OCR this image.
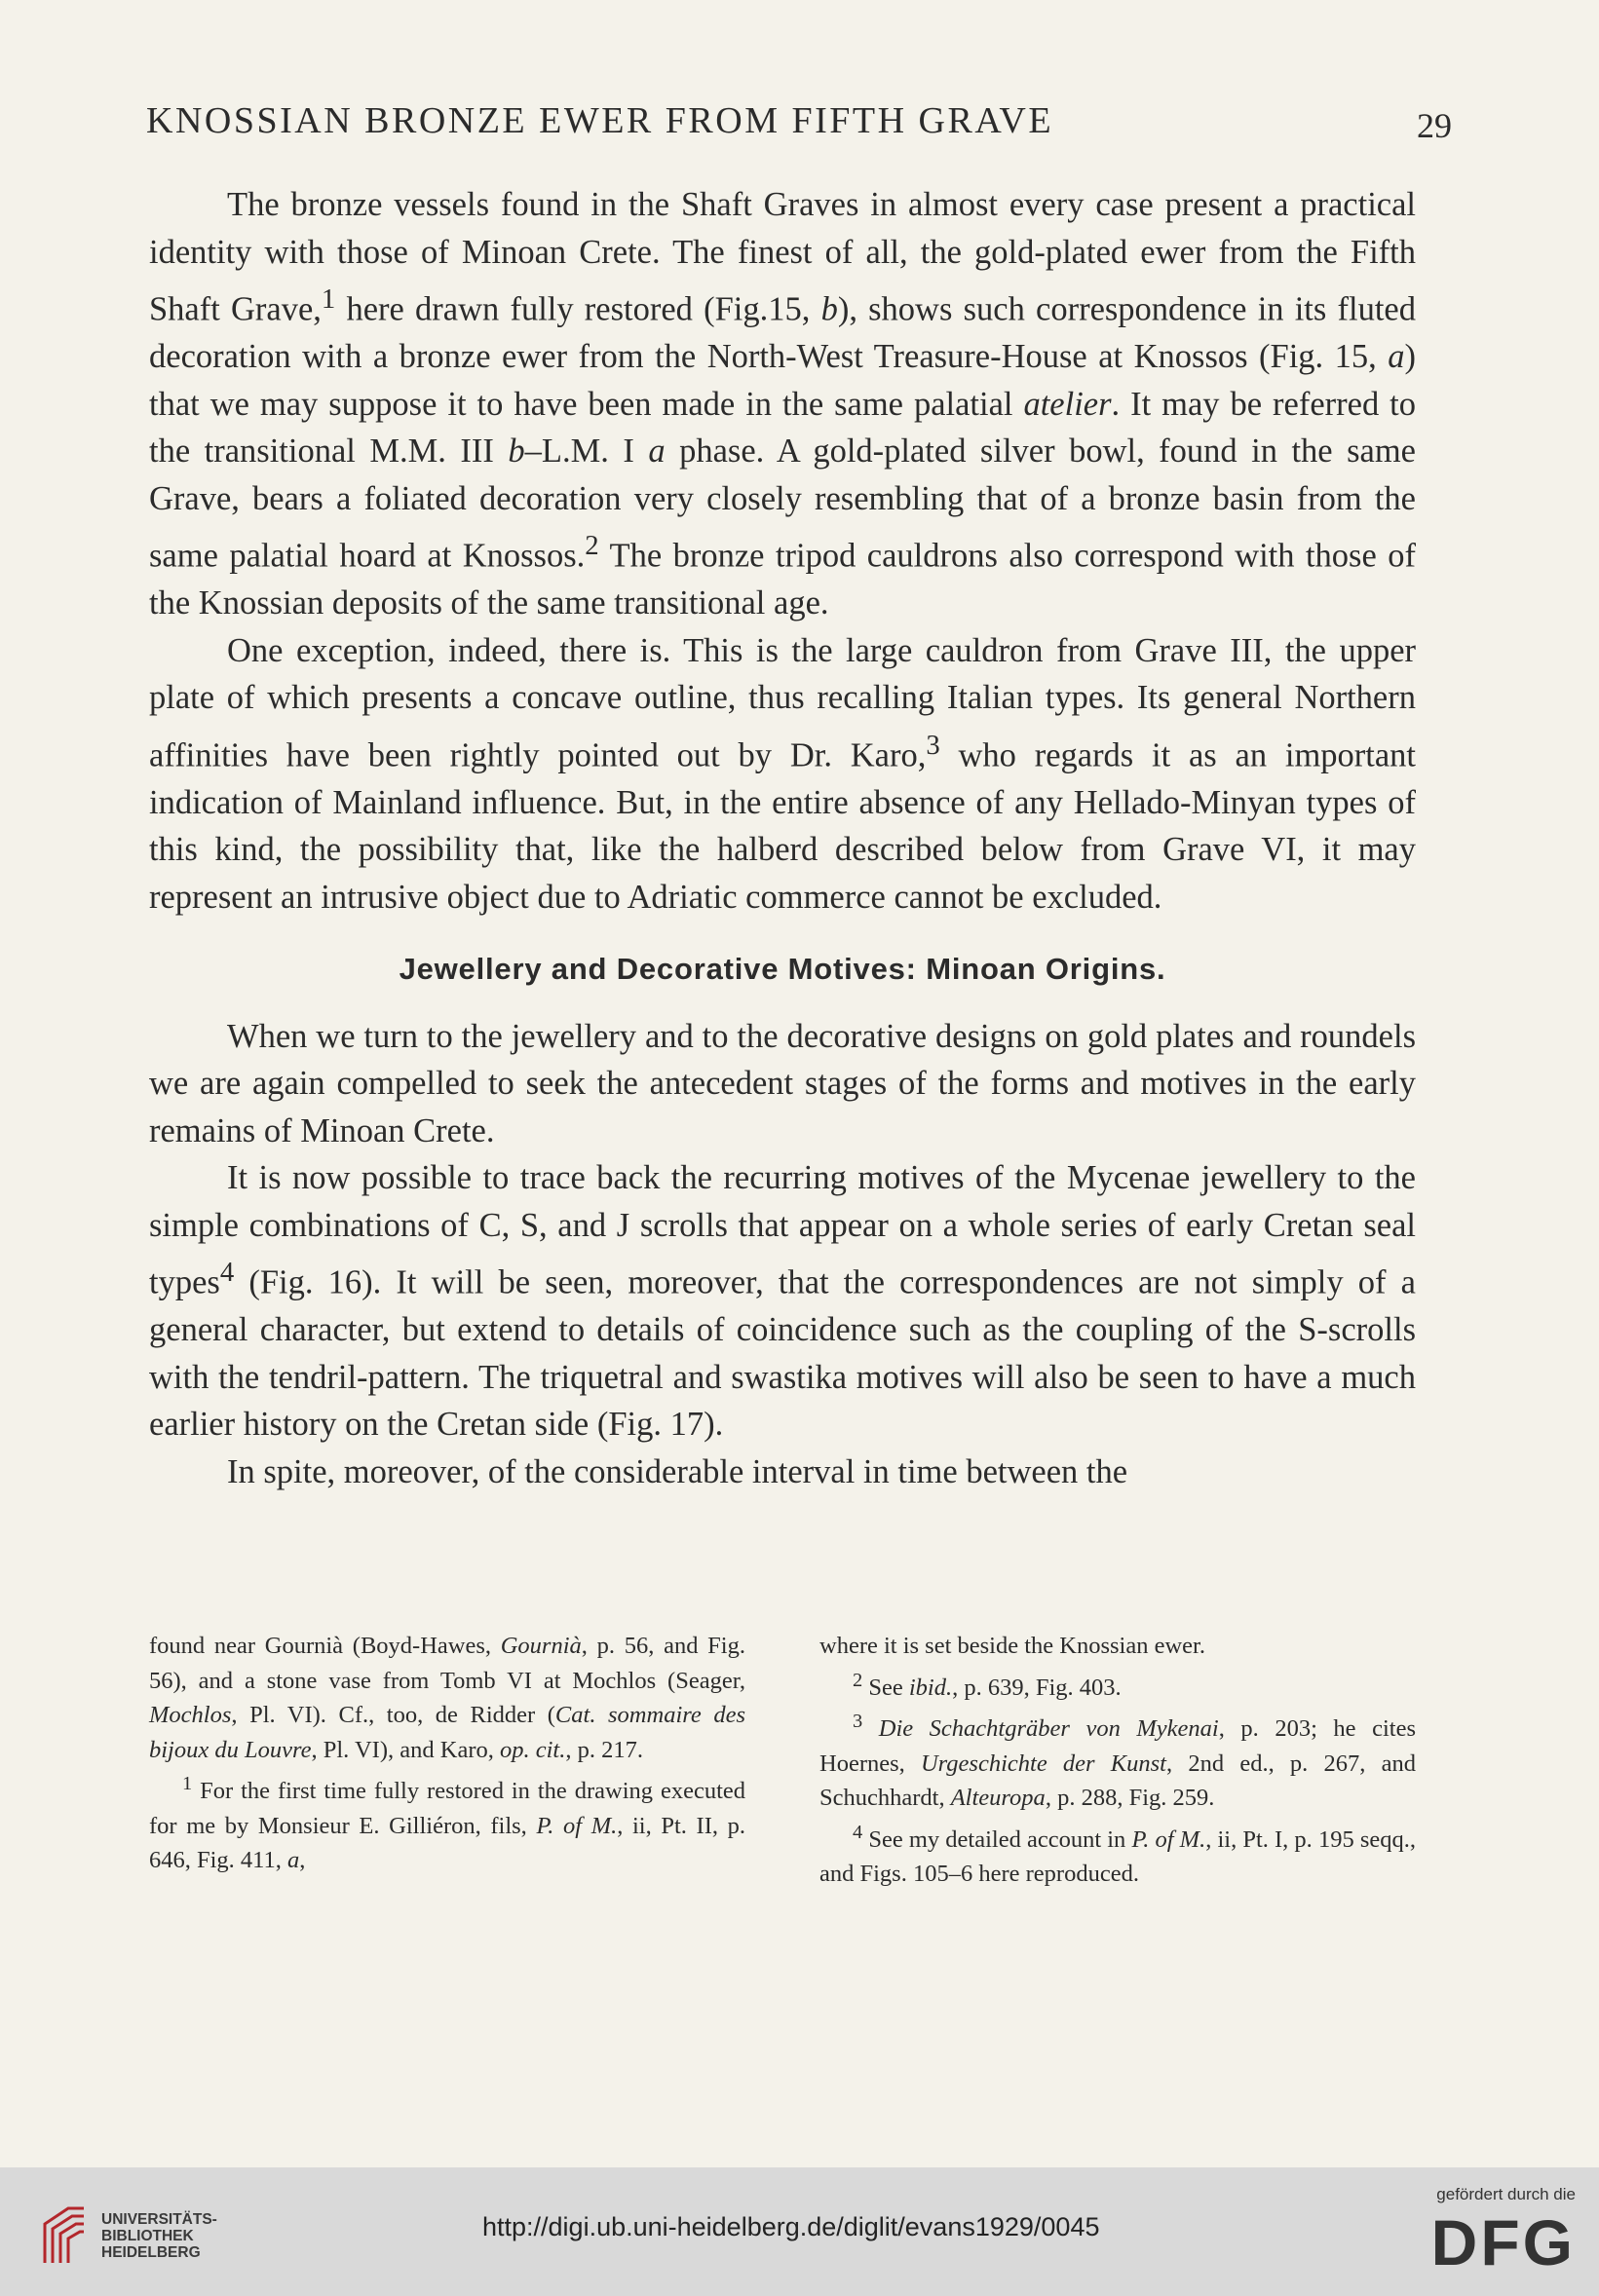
KNOSSIAN BRONZE EWER FROM FIFTH GRAVE	29

The bronze vessels found in the Shaft Graves in almost every case present a practical identity with those of Minoan Crete. The finest of all, the gold-plated ewer from the Fifth Shaft Grave,$^1$ here drawn fully restored (Fig.15, b), shows such correspondence in its fluted decoration with a bronze ewer from the North-West Treasure-House at Knossos (Fig. 15, a) that we may suppose it to have been made in the same palatial atelier. It may be referred to the transitional M.M. III b–L.M. I a phase. A gold-plated silver bowl, found in the same Grave, bears a foliated decoration very closely resembling that of a bronze basin from the same palatial hoard at Knossos.$^2$ The bronze tripod cauldrons also correspond with those of the Knossian deposits of the same transitional age.

One exception, indeed, there is. This is the large cauldron from Grave III, the upper plate of which presents a concave outline, thus recalling Italian types. Its general Northern affinities have been rightly pointed out by Dr. Karo,$^3$ who regards it as an important indication of Mainland influence. But, in the entire absence of any Hellado-Minyan types of this kind, the possibility that, like the halberd described below from Grave VI, it may represent an intrusive object due to Adriatic commerce cannot be excluded.

Jewellery and Decorative Motives: Minoan Origins.

When we turn to the jewellery and to the decorative designs on gold plates and roundels we are again compelled to seek the antecedent stages of the forms and motives in the early remains of Minoan Crete.

It is now possible to trace back the recurring motives of the Mycenae jewellery to the simple combinations of C, S, and J scrolls that appear on a whole series of early Cretan seal types$^4$ (Fig. 16). It will be seen, moreover, that the correspondences are not simply of a general character, but extend to details of coincidence such as the coupling of the S-scrolls with the tendril-pattern. The triquetral and swastika motives will also be seen to have a much earlier history on the Cretan side (Fig. 17).

In spite, moreover, of the considerable interval in time between the

found near Gournià (Boyd-Hawes, Gournià, p. 56, and Fig. 56), and a stone vase from Tomb VI at Mochlos (Seager, Mochlos, Pl. VI). Cf., too, de Ridder (Cat. sommaire des bijoux du Louvre, Pl. VI), and Karo, op. cit., p. 217.

$^1$ For the first time fully restored in the drawing executed for me by Monsieur E. Gilliéron, fils, P. of M., ii, Pt. II, p. 646, Fig. 411, a,

where it is set beside the Knossian ewer.

$^2$ See ibid., p. 639, Fig. 403.

$^3$ Die Schachtgräber von Mykenai, p. 203; he cites Hoernes, Urgeschichte der Kunst, 2nd ed., p. 267, and Schuchhardt, Alteuropa, p. 288, Fig. 259.

$^4$ See my detailed account in P. of M., ii, Pt. I, p. 195 seqq., and Figs. 105–6 here reproduced.

UNIVERSITÄTS-
BIBLIOTHEK
HEIDELBERG
http://digi.ub.uni-heidelberg.de/diglit/evans1929/0045
gefördert durch die
DFG
